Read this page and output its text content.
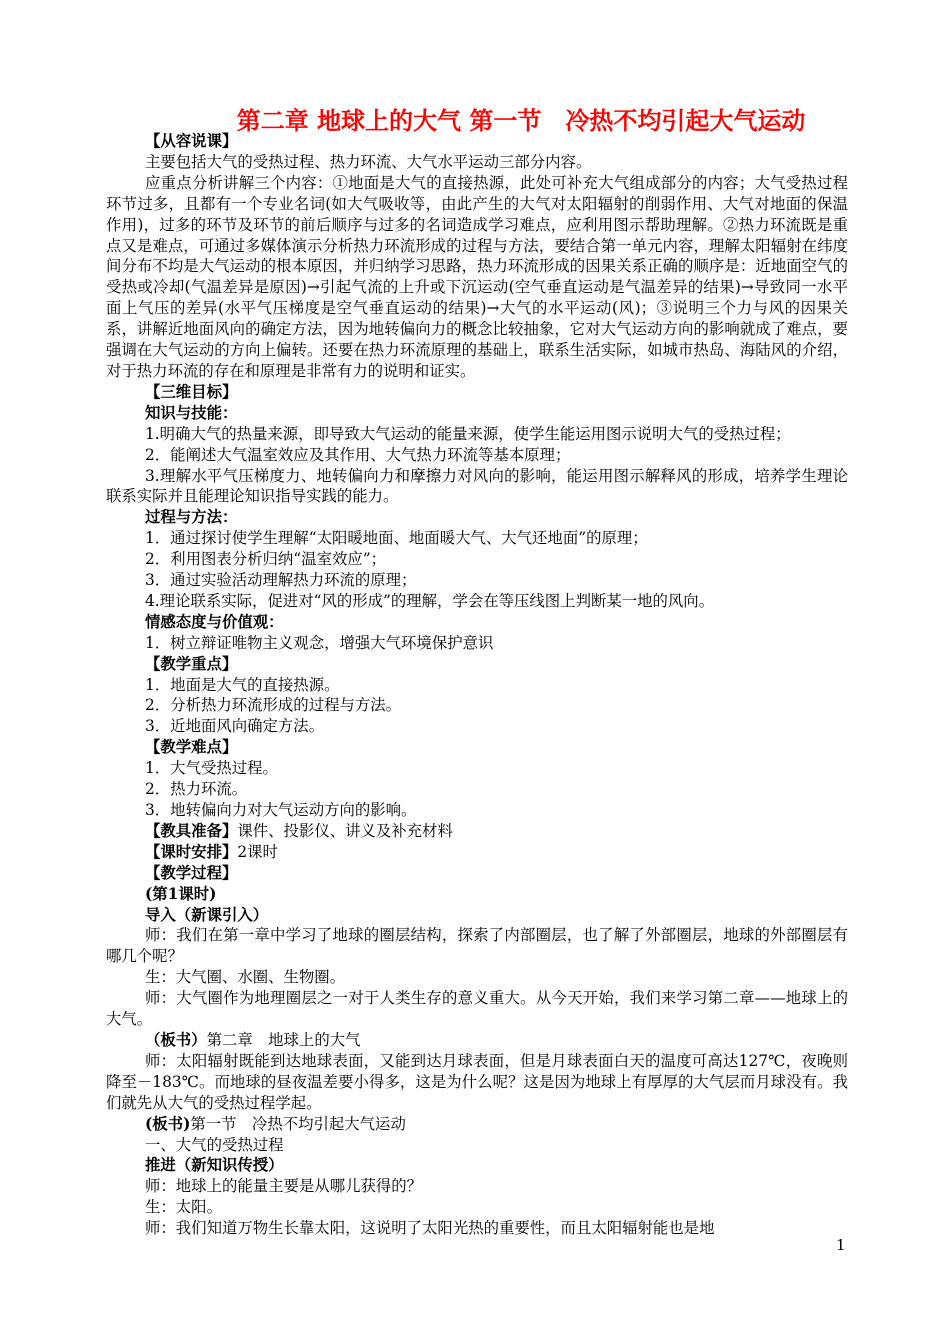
第二章 地球上的大气 第一节　冷热不均引起大气运动

【从容说课】

主要包括大气的受热过程、热力环流、大气水平运动三部分内容。

应重点分析讲解三个内容：①地面是大气的直接热源，此处可补充大气组成部分的内容；大气受热过程环节过多，且都有一个专业名词(如大气吸收等，由此产生的大气对太阳辐射的削弱作用、大气对地面的保温作用)，过多的环节及环节的前后顺序与过多的名词造成学习难点，应利用图示帮助理解。②热力环流既是重点又是难点，可通过多媒体演示分析热力环流形成的过程与方法，要结合第一单元内容，理解太阳辐射在纬度间分布不均是大气运动的根本原因，并归纳学习思路，热力环流形成的因果关系正确的顺序是：近地面空气的受热或冷却(气温差异是原因)→引起气流的上升或下沉运动(空气垂直运动是气温差异的结果)→导致同一水平面上气压的差异(水平气压梯度是空气垂直运动的结果)→大气的水平运动(风)；③说明三个力与风的因果关系，讲解近地面风向的确定方法，因为地转偏向力的概念比较抽象，它对大气运动方向的影响就成了难点，要强调在大气运动的方向上偏转。还要在热力环流原理的基础上，联系生活实际，如城市热岛、海陆风的介绍，对于热力环流的存在和原理是非常有力的说明和证实。

【三维目标】

知识与技能：

1.明确大气的热量来源，即导致大气运动的能量来源，使学生能运用图示说明大气的受热过程；

2．能阐述大气温室效应及其作用、大气热力环流等基本原理；

3.理解水平气压梯度力、地转偏向力和摩擦力对风向的影响，能运用图示解释风的形成，培养学生理论联系实际并且能理论知识指导实践的能力。

过程与方法：

1．通过探讨使学生理解“太阳暖地面、地面暖大气、大气还地面”的原理；

2．利用图表分析归纳“温室效应”；

3．通过实验活动理解热力环流的原理；

4.理论联系实际，促进对“风的形成”的理解，学会在等压线图上判断某一地的风向。

情感态度与价值观：

1．树立辩证唯物主义观念，增强大气环境保护意识

【教学重点】

1．地面是大气的直接热源。

2．分析热力环流形成的过程与方法。

3．近地面风向确定方法。

【教学难点】

1．大气受热过程。

2．热力环流。

3．地转偏向力对大气运动方向的影响。

【教具准备】课件、投影仪、讲义及补充材料

【课时安排】2课时

【教学过程】

(第1课时)

导入（新课引入）

师：我们在第一章中学习了地球的圈层结构，探索了内部圈层，也了解了外部圈层，地球的外部圈层有哪几个呢？

生：大气圈、水圈、生物圈。

师：大气圈作为地理圈层之一对于人类生存的意义重大。从今天开始，我们来学习第二章——地球上的大气。

（板书）第二章　地球上的大气

师：太阳辐射既能到达地球表面，又能到达月球表面，但是月球表面白天的温度可高达127℃，夜晚则降至－183℃。而地球的昼夜温差要小得多，这是为什么呢？这是因为地球上有厚厚的大气层而月球没有。我们就先从大气的受热过程学起。

(板书)第一节　冷热不均引起大气运动

一、大气的受热过程

推进（新知识传授）

师：地球上的能量主要是从哪儿获得的？

生：太阳。

师：我们知道万物生长靠太阳，这说明了太阳光热的重要性，而且太阳辐射能也是地

1
